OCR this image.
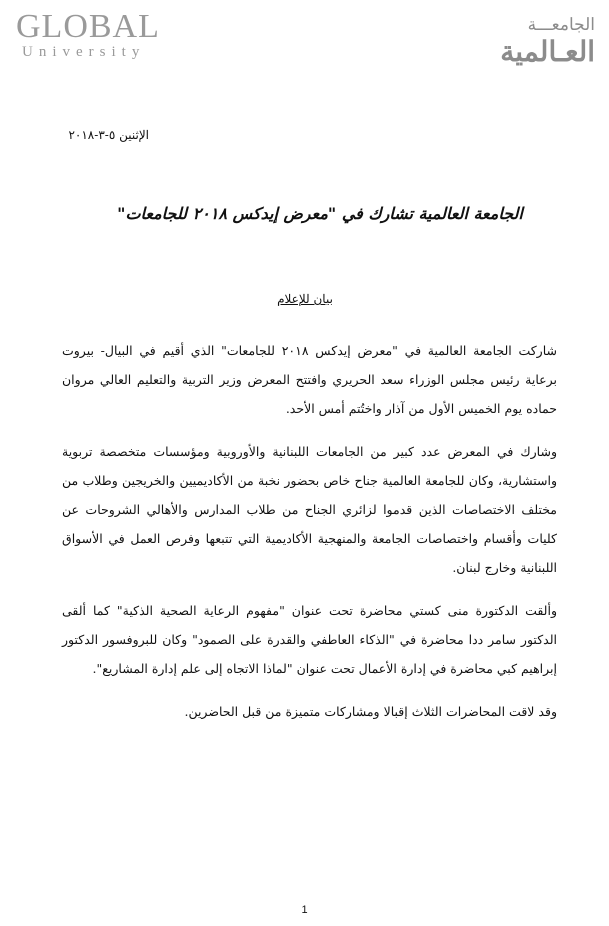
GLOBAL
University
الجامعـــة
العـالمية
الإثنين ٥-٣-٢٠١٨
الجامعة العالمية تشارك في "معرض إيدكس ٢٠١٨ للجامعات"
بيان للإعلام

شاركت الجامعة العالمية في "معرض إيدكس ٢٠١٨ للجامعات" الذي أقيم في البيال- بيروت برعاية رئيس مجلس الوزراء سعد الحريري وافتتح المعرض وزير التربية والتعليم العالي مروان حماده يوم الخميس الأول من آذار واختُتم أمس الأحد.

وشارك في المعرض عدد كبير من الجامعات اللبنانية والأوروبية ومؤسسات متخصصة تربوية واستشارية، وكان للجامعة العالمية جناح خاص بحضور نخبة من الأكاديميين والخريجين وطلاب من مختلف الاختصاصات الذين قدموا لزائري الجناح من طلاب المدارس والأهالي الشروحات عن كليات وأقسام واختصاصات الجامعة والمنهجية الأكاديمية التي تتبعها وفرص العمل في الأسواق اللبنانية وخارج لبنان.

وألقت الدكتورة منى كستي محاضرة تحت عنوان "مفهوم الرعاية الصحية الذكية" كما ألقى الدكتور سامر ددا محاضرة في "الذكاء العاطفي والقدرة على الصمود" وكان للبروفسور الدكتور إبراهيم كبي محاضرة في إدارة الأعمال تحت عنوان "لماذا الاتجاه إلى علم إدارة المشاريع".

وقد لاقت المحاضرات الثلاث إقبالا ومشاركات متميزة من قبل الحاضرين.

1
